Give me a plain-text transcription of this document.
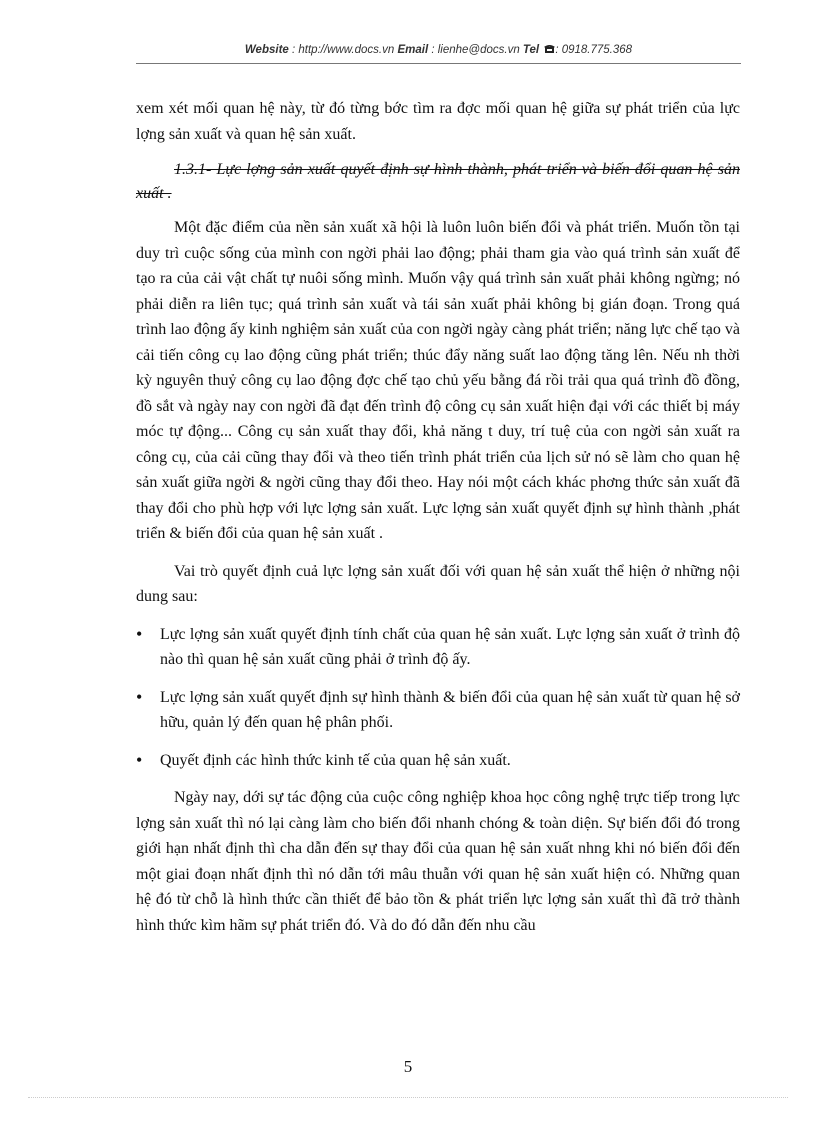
Website : http://www.docs.vn Email : lienhe@docs.vn Tel : 0918.775.368

xem xét mối quan hệ này, từ đó từng bớc tìm ra đợc mối quan hệ giữa sự phát triển của lực lợng sản xuất và quan hệ sản xuất.

1.3.1- Lực lợng sản xuất quyết định sự hình thành, phát triển và biến đổi quan hệ sản xuất .

Một đặc điểm của nền sản xuất xã hội là luôn luôn biến đổi và phát triển. Muốn tồn tại duy trì cuộc sống của mình con ngời phải lao động; phải tham gia vào quá trình sản xuất để tạo ra của cải vật chất tự nuôi sống mình. Muốn vậy quá trình sản xuất phải không ngừng; nó phải diễn ra liên tục; quá trình sản xuất và tái sản xuất phải không bị gián đoạn. Trong quá trình lao động ấy kinh nghiệm sản xuất của con ngời ngày càng phát triển; năng lực chế tạo và cải tiến công cụ lao động cũng phát triển; thúc đẩy năng suất lao động tăng lên. Nếu nh thời kỳ nguyên thuỷ công cụ lao động đợc chế tạo chủ yếu bằng đá rồi trải qua quá trình đồ đồng, đồ sắt và ngày nay con ngời đã đạt đến trình độ công cụ sản xuất hiện đại với các thiết bị máy móc tự động... Công cụ sản xuất thay đổi, khả năng t duy, trí tuệ của con ngời sản xuất ra công cụ, của cải cũng thay đổi và theo tiến trình phát triển của lịch sử nó sẽ làm cho quan hệ sản xuất giữa ngời & ngời cũng thay đổi theo. Hay nói một cách khác phơng thức sản xuất đã thay đổi cho phù hợp với lực lợng sản xuất. Lực lợng sản xuất quyết định sự hình thành ,phát triển & biến đổi của quan hệ sản xuất .

Vai trò quyết định cuả lực lợng sản xuất đối với quan hệ sản xuất thể hiện ở những nội dung sau:

• Lực lợng sản xuất quyết định tính chất của quan hệ sản xuất. Lực lợng sản xuất ở trình độ nào thì quan hệ sản xuất cũng phải ở trình độ ấy.
• Lực lợng sản xuất quyết định sự hình thành & biến đổi của quan hệ sản xuất từ quan hệ sở hữu, quản lý đến quan hệ phân phối.
• Quyết định các hình thức kinh tế của quan hệ sản xuất.

Ngày nay, dới sự tác động của cuộc công nghiệp khoa học công nghệ trực tiếp trong lực lợng sản xuất thì nó lại càng làm cho biến đổi nhanh chóng & toàn diện. Sự biến đổi đó trong giới hạn nhất định thì cha dẫn đến sự thay đổi của quan hệ sản xuất nhng khi nó biến đổi đến một giai đoạn nhất định thì nó dẫn tới mâu thuẫn với quan hệ sản xuất hiện có. Những quan hệ đó từ chỗ là hình thức cần thiết để bảo tồn & phát triển lực lợng sản xuất thì đã trở thành hình thức kìm hãm sự phát triển đó. Và do đó dẫn đến nhu cầu

5
